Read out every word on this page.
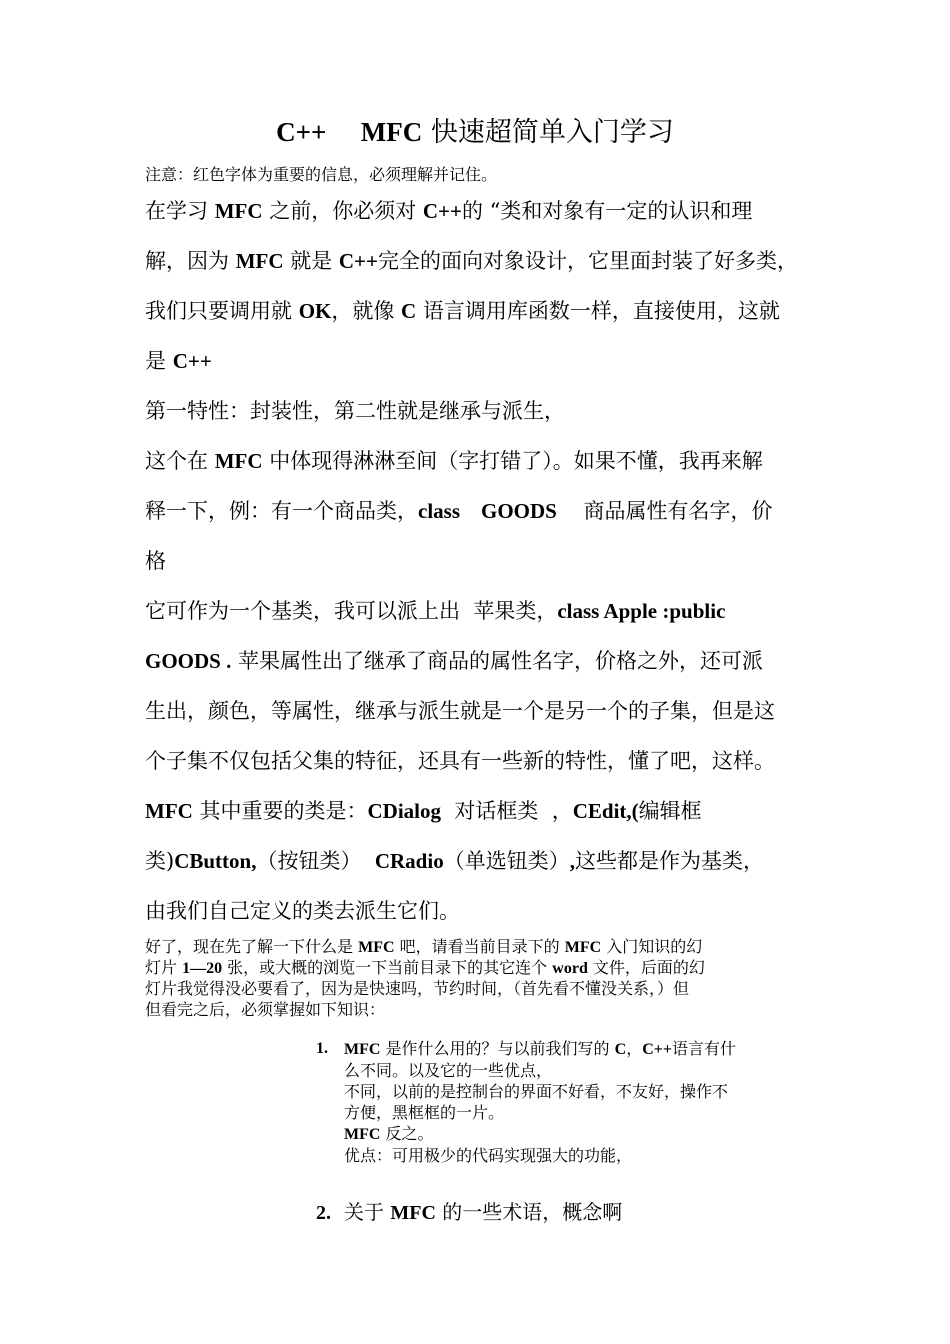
C++ MFC 快速超简单入门学习
注意：红色字体为重要的信息，必须理解并记住。
在学习 MFC 之前，你必须对 C++的 “类和对象有一定的认识和理
解，因为 MFC 就是 C++完全的面向对象设计，它里面封装了好多类，
我们只要调用就 OK，就像 C 语言调用库函数一样，直接使用，这就
是 C++
第一特性：封装性，第二性就是继承与派生，
这个在 MFC 中体现得淋淋至间（字打错了）。如果不懂，我再来解
释一下，例：有一个商品类，class    GOODS    商品属性有名字，价
格
它可作为一个基类，我可以派上出  苹果类，class Apple :public
GOODS . 苹果属性出了继承了商品的属性名字，价格之外，还可派
生出，颜色，等属性，继承与派生就是一个是另一个的子集，但是这
个子集不仅包括父集的特征，还具有一些新的特性，懂了吧，这样。
MFC 其中重要的类是：CDialog  对话框类  ，CEdit,(编辑框
类)CButton,（按钮类）  CRadio（单选钮类）,这些都是作为基类，
由我们自己定义的类去派生它们。
好了，现在先了解一下什么是 MFC 吧，请看当前目录下的 MFC 入门知识的幻
灯片 1—20 张，或大概的浏览一下当前目录下的其它连个 word 文件，后面的幻
灯片我觉得没必要看了，因为是快速吗，节约时间，（首先看不懂没关系，）但
但看完之后，必须掌握如下知识：
1. MFC 是作什么用的？与以前我们写的 C，C++语言有什
么不同。以及它的一些优点，
不同，以前的是控制台的界面不好看，不友好，操作不
方便，黑框框的一片。
MFC 反之。
优点：可用极少的代码实现强大的功能，
2. 关于 MFC 的一些术语，概念啊
